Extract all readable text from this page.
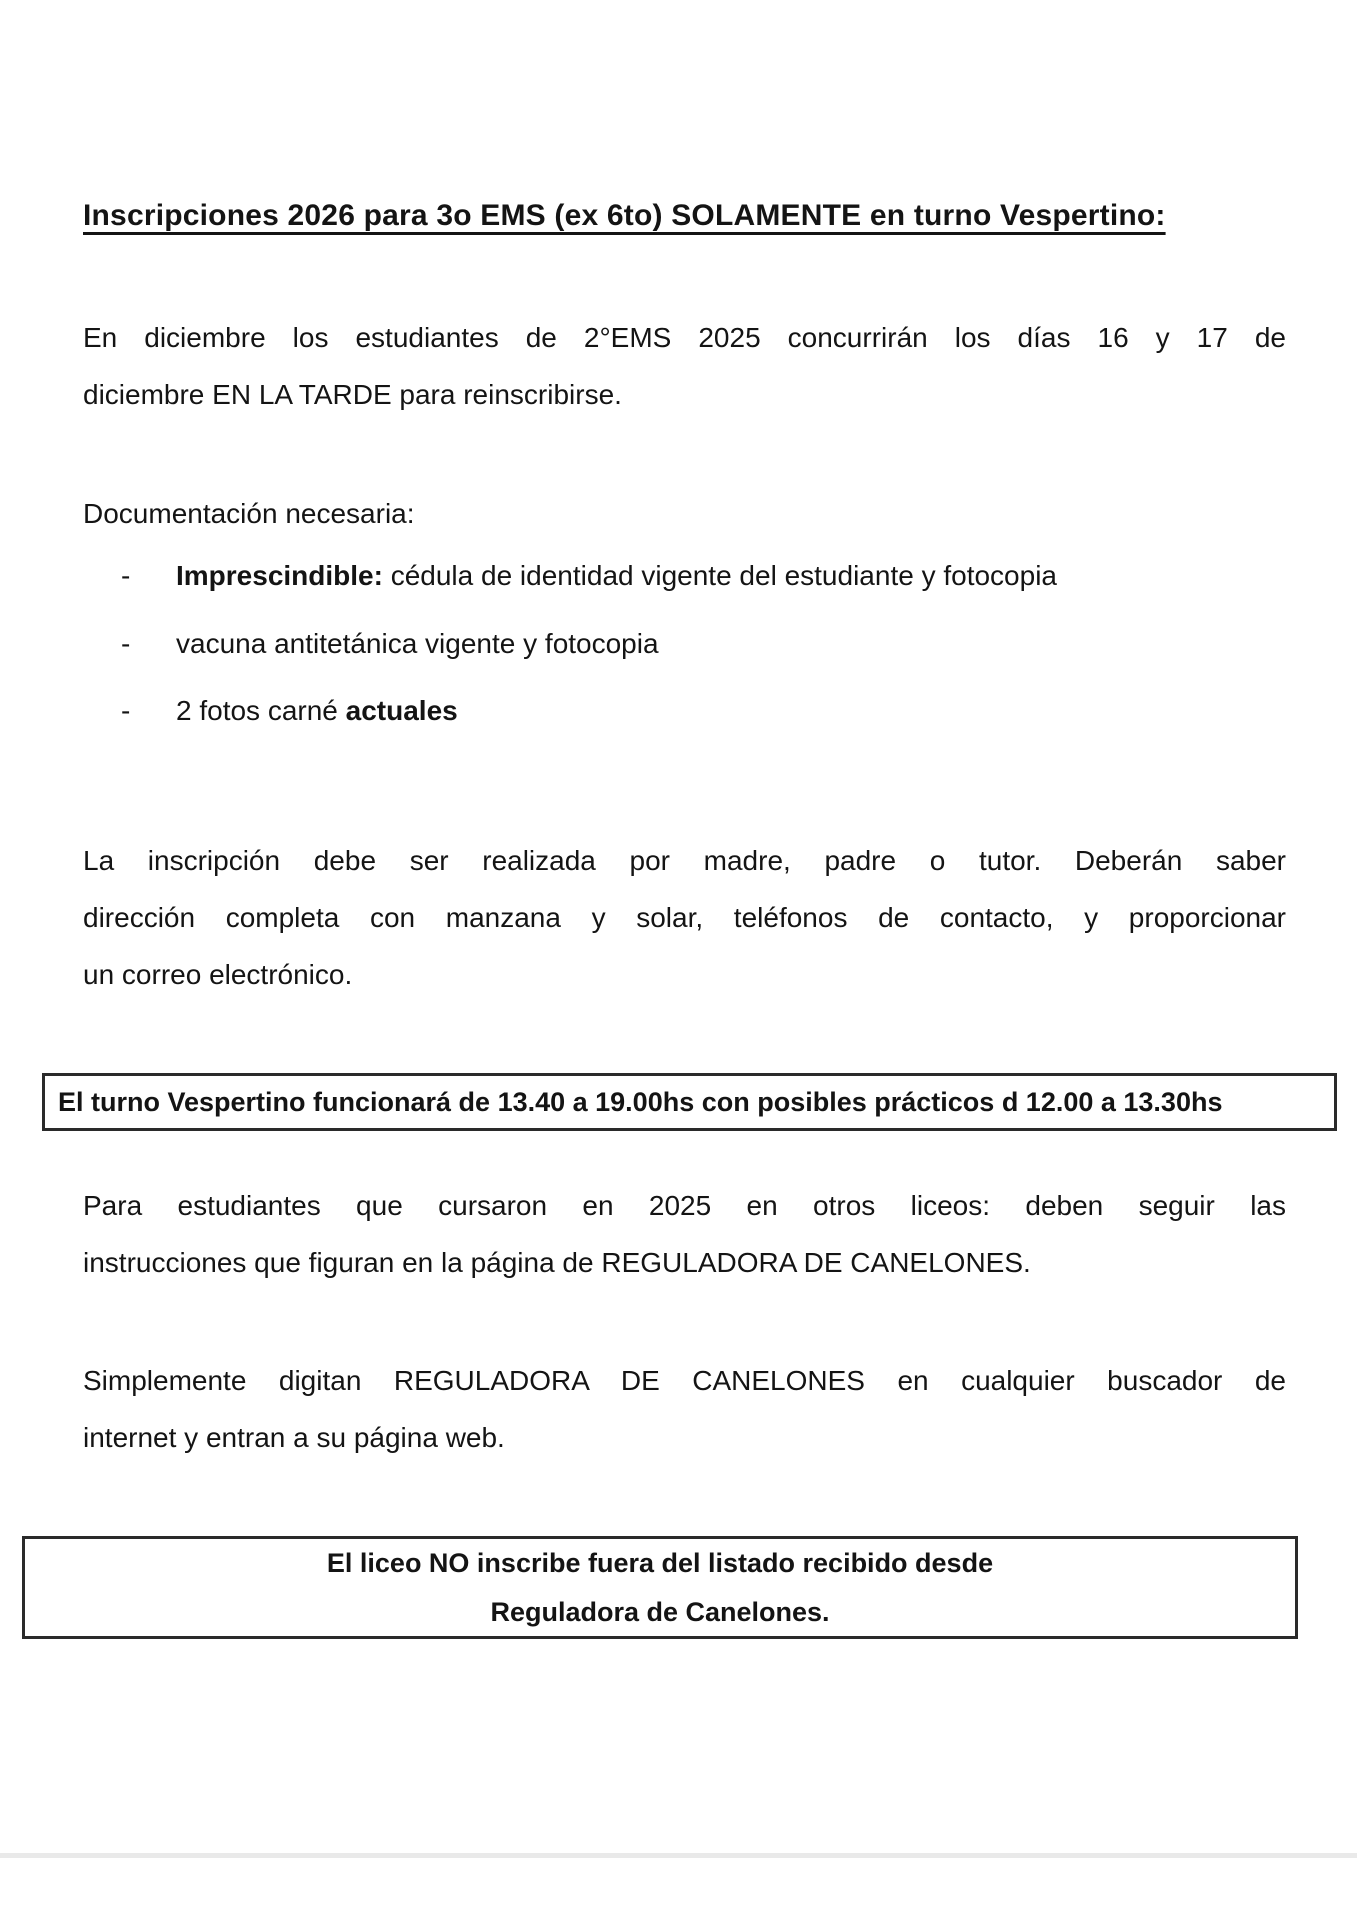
Inscripciones 2026 para 3o EMS (ex 6to) SOLAMENTE en turno Vespertino:
En diciembre los estudiantes de 2°EMS 2025 concurrirán los días 16 y 17 de
diciembre EN LA TARDE para reinscribirse.
Documentación necesaria:
- Imprescindible: cédula de identidad vigente del estudiante y fotocopia
- vacuna antitetánica vigente y fotocopia
- 2 fotos carné actuales
La inscripción debe ser realizada por madre, padre o tutor. Deberán saber
dirección completa con manzana y solar, teléfonos de contacto, y proporcionar
un correo electrónico.
El turno Vespertino funcionará de 13.40 a 19.00hs con posibles prácticos d 12.00 a 13.30hs
Para estudiantes que cursaron en 2025 en otros liceos: deben seguir las
instrucciones que figuran en la página de REGULADORA DE CANELONES.
Simplemente digitan REGULADORA DE CANELONES en cualquier buscador de
internet y entran a su página web.
El liceo NO inscribe fuera del listado recibido desde
Reguladora de Canelones.
